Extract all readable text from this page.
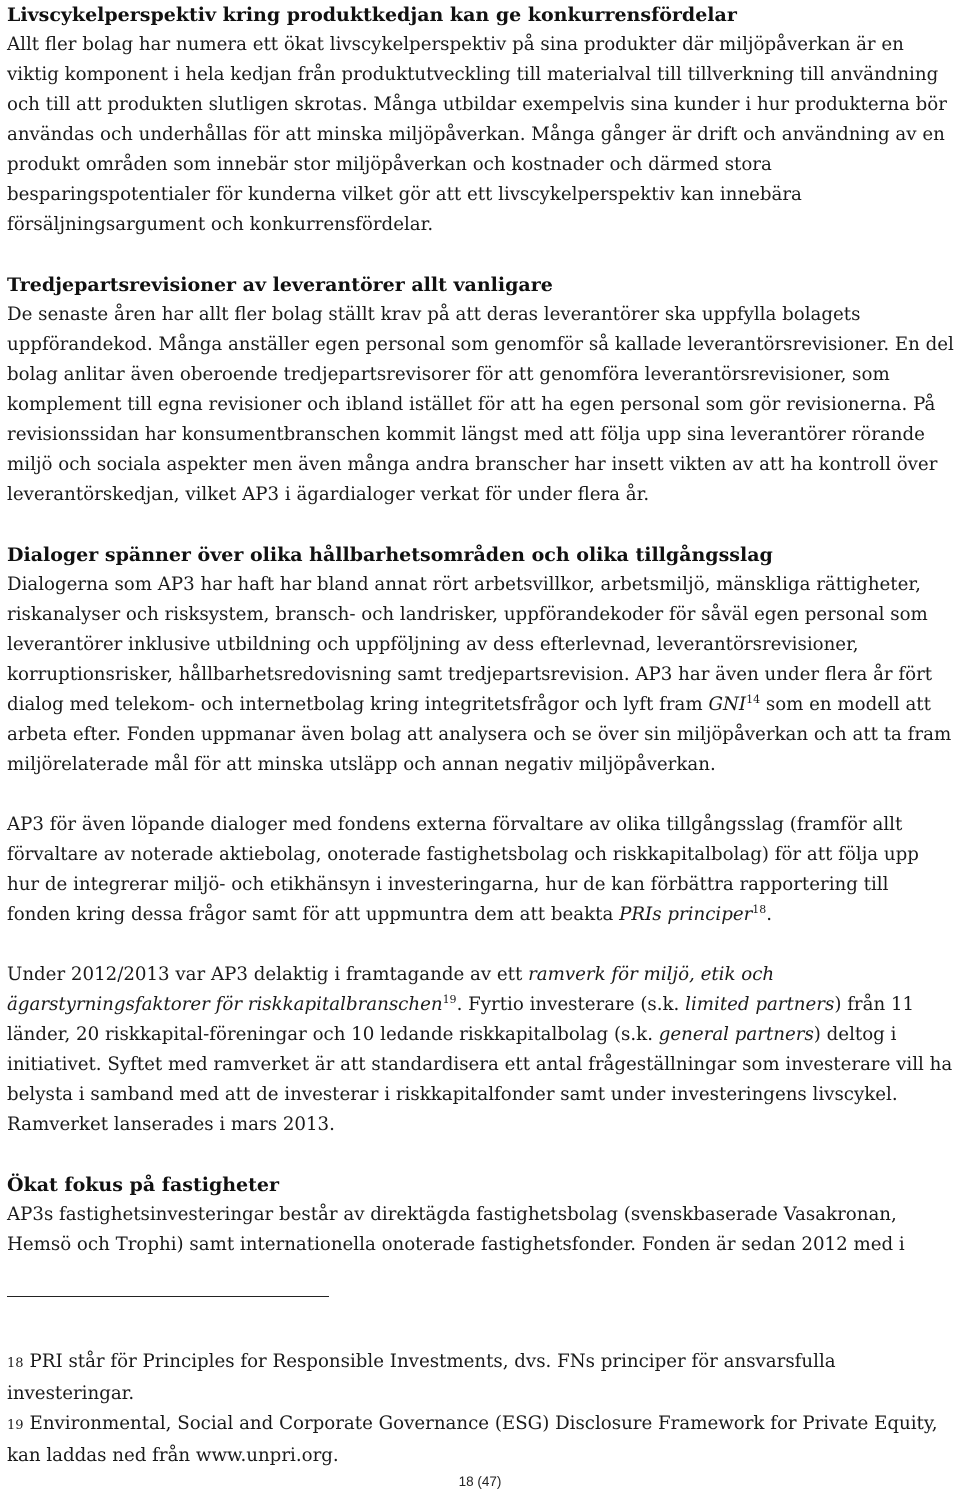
Livscykelperspektiv kring produktkedjan kan ge konkurrensfördelar

Allt fler bolag har numera ett ökat livscykelperspektiv på sina produkter där miljöpåverkan är en viktig komponent i hela kedjan från produktutveckling till materialval till tillverkning till användning och till att produkten slutligen skrotas. Många utbildar exempelvis sina kunder i hur produkterna bör användas och underhållas för att minska miljöpåverkan. Många gånger är drift och användning av en produkt områden som innebär stor miljöpåverkan och kostnader och därmed stora besparingspotentialer för kunderna vilket gör att ett livscykelperspektiv kan innebära försäljningsargument och konkurrensfördelar.

Tredjepartsrevisioner av leverantörer allt vanligare

De senaste åren har allt fler bolag ställt krav på att deras leverantörer ska uppfylla bolagets uppförandekod. Många anställer egen personal som genomför så kallade leverantörsrevisioner. En del bolag anlitar även oberoende tredjepartsrevisorer för att genomföra leverantörsrevisioner, som komplement till egna revisioner och ibland istället för att ha egen personal som gör revisionerna. På revisionssidan har konsumentbranschen kommit längst med att följa upp sina leverantörer rörande miljö och sociala aspekter men även många andra branscher har insett vikten av att ha kontroll över leverantörskedjan, vilket AP3 i ägardialoger verkat för under flera år.

Dialoger spänner över olika hållbarhetsområden och olika tillgångsslag

Dialogerna som AP3 har haft har bland annat rört arbetsvillkor, arbetsmiljö, mänskliga rättigheter, riskanalyser och risksystem, bransch- och landrisker, uppförandekoder för såväl egen personal som leverantörer inklusive utbildning och uppföljning av dess efterlevnad, leverantörsrevisioner, korruptionsrisker, hållbarhetsredovisning samt tredjepartsrevision. AP3 har även under flera år fört dialog med telekom- och internetbolag kring integritetsfrågor och lyft fram GNI$^{14}$ som en modell att arbeta efter. Fonden uppmanar även bolag att analysera och se över sin miljöpåverkan och att ta fram miljörelaterade mål för att minska utsläpp och annan negativ miljöpåverkan.

AP3 för även löpande dialoger med fondens externa förvaltare av olika tillgångsslag (framför allt förvaltare av noterade aktiebolag, onoterade fastighetsbolag och riskkapitalbolag) för att följa upp hur de integrerar miljö- och etikhänsyn i investeringarna, hur de kan förbättra rapportering till fonden kring dessa frågor samt för att uppmuntra dem att beakta PRIs principer$^{18}$.

Under 2012/2013 var AP3 delaktig i framtagande av ett ramverk för miljö, etik och ägarstyrningsfaktorer för riskkapitalbranschen$^{19}$. Fyrtio investerare (s.k. limited partners) från 11 länder, 20 riskkapital-föreningar och 10 ledande riskkapitalbolag (s.k. general partners) deltog i initiativet. Syftet med ramverket är att standardisera ett antal frågeställningar som investerare vill ha belysta i samband med att de investerar i riskkapitalfonder samt under investeringens livscykel. Ramverket lanserades i mars 2013.

Ökat fokus på fastigheter

AP3s fastighetsinvesteringar består av direktägda fastighetsbolag (svenskbaserade Vasakronan, Hemsö och Trophi) samt internationella onoterade fastighetsfonder. Fonden är sedan 2012 med i

18 PRI står för Principles for Responsible Investments, dvs. FNs principer för ansvarsfulla investeringar.

19 Environmental, Social and Corporate Governance (ESG) Disclosure Framework for Private Equity, kan laddas ned från www.unpri.org.

18 (47)
